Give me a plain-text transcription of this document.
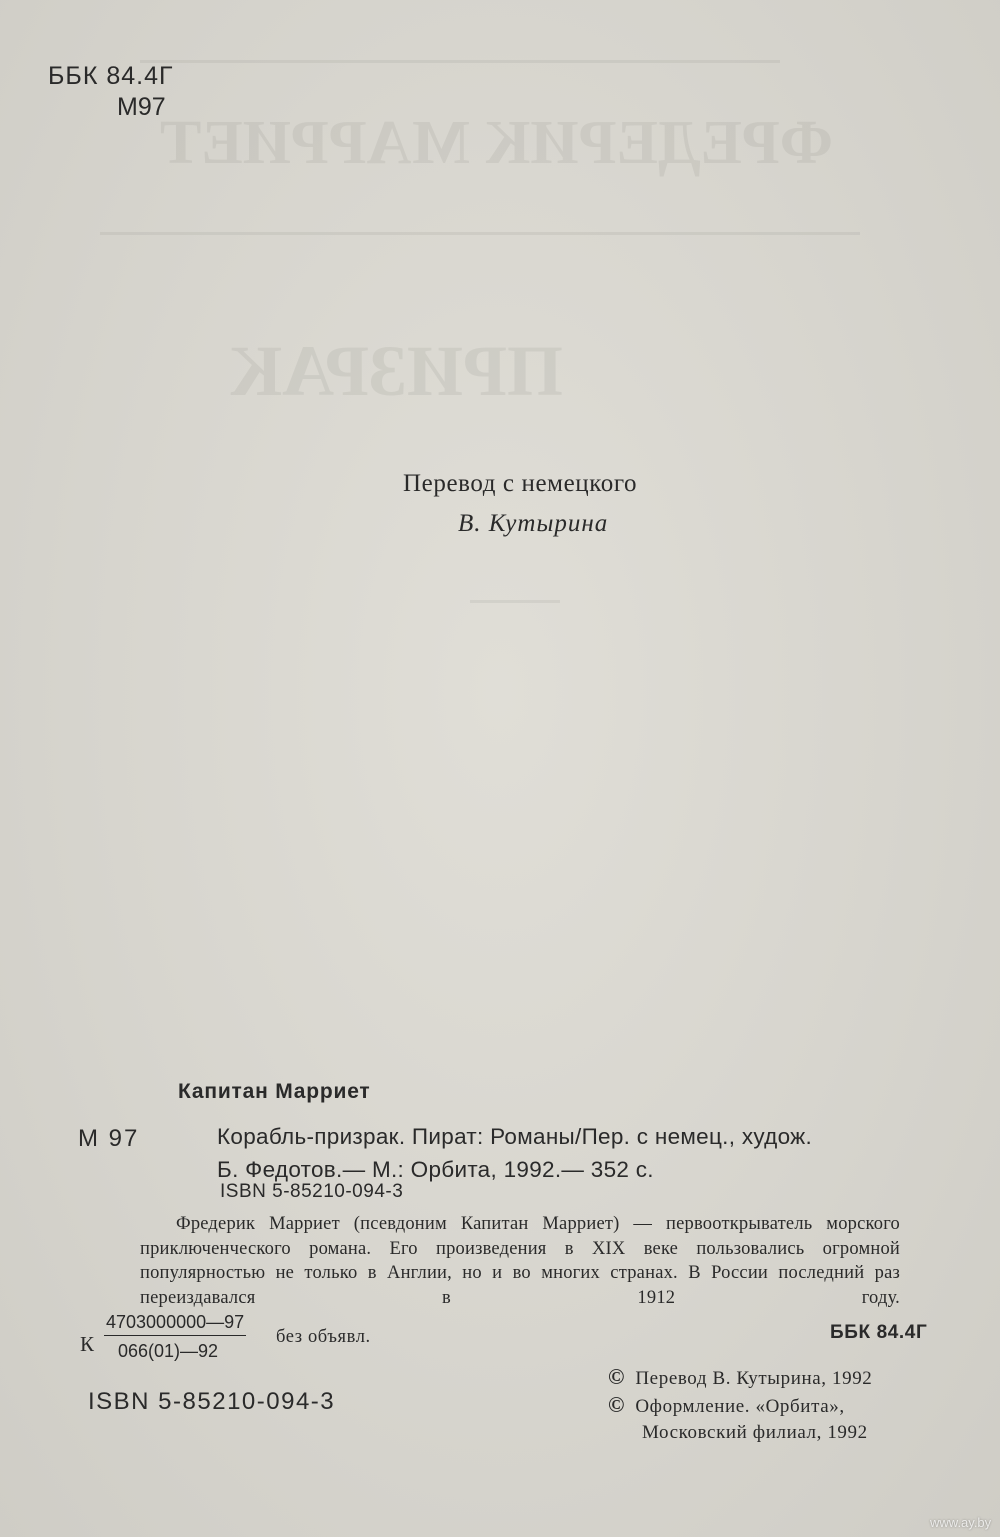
ФРЕДЕРИК МАРРИЕТ
ПРИЗРАК
ББК 84.4Г
М97
Перевод с немецкого
В. Кутырина
Капитан Марриет
М 97	Корабль-призрак. Пират: Романы/Пер. с немец., худож.
Б. Федотов.— М.: Орбита, 1992.— 352 с.
ISBN 5-85210-094-3

Фредерик Марриет (псевдоним Капитан Марриет) — первооткрыватель морского приключенческого романа. Его произведения в XIX веке пользовались огромной популярностью не только в Англии, но и во многих странах. В России последний раз переиздавался в 1912 году.

К $\frac{4703000000—97}{066(01)—92}$ без объявл.	ББК 84.4Г
ISBN 5-85210-094-3
© Перевод В. Кутырина, 1992
© Оформление. «Орбита»,
Московский филиал, 1992
www.ay.by
